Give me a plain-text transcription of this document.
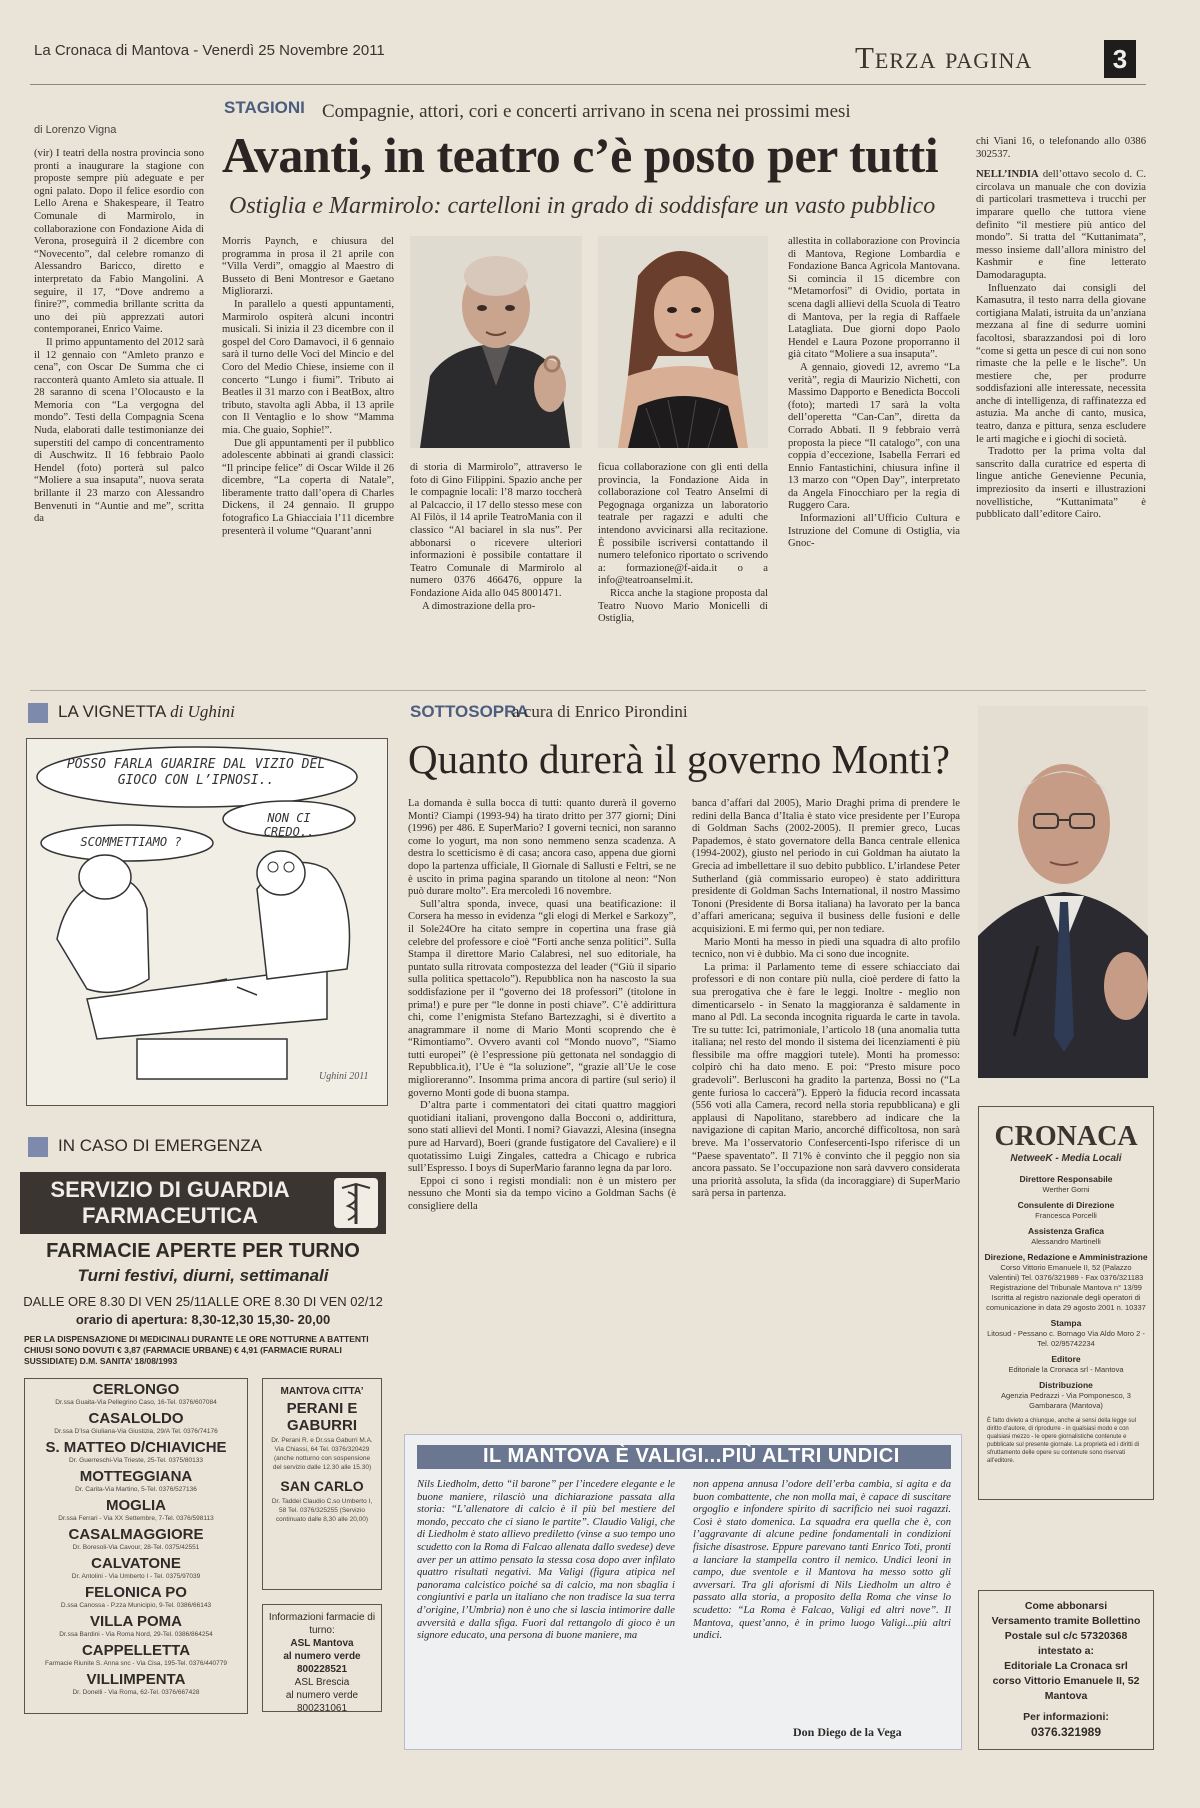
La Cronaca di Mantova - Venerdì 25 Novembre 2011	Terza pagina	3
di Lorenzo Vigna
STAGIONI Compagnie, attori, cori e concerti arrivano in scena nei prossimi mesi
Avanti, in teatro c’è posto per tutti
Ostiglia e Marmirolo: cartelloni in grado di soddisfare un vasto pubblico

(vir) I teatri della nostra provincia sono pronti a inaugurare la stagione con proposte sempre più adeguate e per ogni palato. Dopo il felice esordio con Lello Arena e Shakespeare, il Teatro Comunale di Marmirolo, in collaborazione con Fondazione Aida di Verona, proseguirà il 2 dicembre con “Novecento”, dal celebre romanzo di Alessandro Baricco, diretto e interpretato da Fabio Mangolini. A seguire, il 17, “Dove andremo a finire?”, commedia brillante scritta da uno dei più apprezzati autori contemporanei, Enrico Vaime.

Il primo appuntamento del 2012 sarà il 12 gennaio con “Amleto pranzo e cena”, con Oscar De Summa che ci racconterà quanto Amleto sia attuale. Il 28 saranno di scena l’Olocausto e la Memoria con “La vergogna del mondo”. Testi della Compagnia Scena Nuda, elaborati dalle testimonianze dei superstiti del campo di concentramento di Auschwitz. Il 16 febbraio Paolo Hendel (foto) porterà sul palco “Moliere a sua insaputa”, nuova serata brillante il 23 marzo con Alessandro Benvenuti in “Auntie and me”, scritta da

Morris Paynch, e chiusura del programma in prosa il 21 aprile con “Villa Verdi”, omaggio al Maestro di Busseto di Beni Montresor e Gaetano Migliorarzi.

In parallelo a questi appuntamenti, Marmirolo ospiterà alcuni incontri musicali. Si inizia il 23 dicembre con il gospel del Coro Damavoci, il 6 gennaio sarà il turno delle Voci del Mincio e del Coro del Medio Chiese, insieme con il concerto “Lungo i fiumi”. Tributo ai Beatles il 31 marzo con i BeatBox, altro tributo, stavolta agli Abba, il 13 aprile con Il Ventaglio e lo show “Mamma mia. Che guaio, Sophie!”.

Due gli appuntamenti per il pubblico adolescente abbinati ai grandi classici: “Il principe felice” di Oscar Wilde il 26 dicembre, “La coperta di Natale”, liberamente tratto dall’opera di Charles Dickens, il 24 gennaio. Il gruppo fotografico La Ghiacciaia l’11 dicembre presenterà il volume “Quarant’anni

di storia di Marmirolo”, attraverso le foto di Gino Filippini. Spazio anche per le compagnie locali: l’8 marzo toccherà al Palcaccio, il 17 dello stesso mese con Al Filòs, il 14 aprile TeatroMania con il classico “Al baciarel in sla nus”. Per abbonarsi o ricevere ulteriori informazioni è possibile contattare il Teatro Comunale di Marmirolo al numero 0376 466476, oppure la Fondazione Aida allo 045 8001471.

A dimostrazione della pro-

ficua collaborazione con gli enti della provincia, la Fondazione Aida in collaborazione col Teatro Anselmi di Pegognaga organizza un laboratorio teatrale per ragazzi e adulti che intendono avvicinarsi alla recitazione. È possibile iscriversi contattando il numero telefonico riportato o scrivendo a: formazione@f-aida.it o a info@teatroanselmi.it.

Ricca anche la stagione proposta dal Teatro Nuovo Mario Monicelli di Ostiglia,

allestita in collaborazione con Provincia di Mantova, Regione Lombardia e Fondazione Banca Agricola Mantovana. Si comincia il 15 dicembre con “Metamorfosi” di Ovidio, portata in scena dagli allievi della Scuola di Teatro di Mantova, per la regia di Raffaele Latagliata. Due giorni dopo Paolo Hendel e Laura Pozone proporranno il già citato “Moliere a sua insaputa”.

A gennaio, giovedì 12, avremo “La verità”, regia di Maurizio Nichetti, con Massimo Dapporto e Benedicta Boccoli (foto); martedì 17 sarà la volta dell’operetta “Can-Can”, diretta da Corrado Abbati. Il 9 febbraio verrà proposta la piece “Il catalogo”, con una coppia d’eccezione, Isabella Ferrari ed Ennio Fantastichini, chiusura infine il 13 marzo con “Open Day”, interpretato da Angela Finocchiaro per la regia di Ruggero Cara.

Informazioni all’Ufficio Cultura e Istruzione del Comune di Ostiglia, via Gnoc-

chi Viani 16, o telefonando allo 0386 302537.

NELL’INDIA dell’ottavo secolo d. C. circolava un manuale che con dovizia di particolari trasmetteva i trucchi per imparare quello che tuttora viene definito “il mestiere più antico del mondo”. Si tratta del “Kuttanimata”, messo insieme dall’allora ministro del Kashmir e fine letterato Damodaragupta.

Influenzato dai consigli del Kamasutra, il testo narra della giovane cortigiana Malati, istruita da un’anziana mezzana al fine di sedurre uomini facoltosi, sbarazzandosi poi di loro “come si getta un pesce di cui non sono rimaste che la pelle e le lische”. Un mestiere che, per produrre soddisfazioni alle interessate, necessita anche di intelligenza, di raffinatezza ed astuzia. Ma anche di canto, musica, teatro, danza e pittura, senza escludere le arti magiche e i giochi di società.

Tradotto per la prima volta dal sanscrito dalla curatrice ed esperta di lingue antiche Genevienne Pecunia, impreziosito da inserti e illustrazioni novellistiche, “Kuttanimata” è pubblicato dall’editore Cairo.

LA VIGNETTA di Ughini
POSSO FARLA GUARIRE DAL VIZIO DEL GIOCO CON L’IPNOSI..
NON CI CREDO..
SCOMMETTIAMO ?
Ughini 2011
IN CASO DI EMERGENZA
SERVIZIO DI GUARDIA FARMACEUTICA
FARMACIE APERTE PER TURNO
Turni festivi, diurni, settimanali
DALLE ORE 8.30 DI VEN 25/11ALLE ORE 8.30 DI VEN 02/12
orario di apertura: 8,30-12,30 15,30- 20,00
PER LA DISPENSAZIONE DI MEDICINALI DURANTE LE ORE NOTTURNE A BATTENTI CHIUSI SONO DOVUTI € 3,87 (FARMACIE URBANE) € 4,91 (FARMACIE RURALI SUSSIDIATE) D.M. SANITA’ 18/08/1993
CERLONGO
Dr.ssa Guaita-Via Pellegrino Caso, 16-Tel. 0376/607084
CASALOLDO
Dr.ssa D’Isa Giuliana-Via Giustizia, 29/A Tel. 0376/74176
S. MATTEO D/CHIAVICHE
Dr. Guerreschi-Via Trieste, 25-Tel. 0375/80133
MOTTEGGIANA
Dr. Carita-Via Martino, 5-Tel. 0376/527136
MOGLIA
Dr.ssa Ferrari - Via XX Settembre, 7-Tel. 0376/598113
CASALMAGGIORE
Dr. Boresoli-Via Cavour, 28-Tel. 0375/42551
CALVATONE
Dr. Antolini - Via Umberto I - Tel. 0375/97039
FELONICA PO
D.ssa Canossa - P.zza Municipio, 9-Tel. 0386/66143
VILLA POMA
Dr.ssa Bardini - Via Roma Nord, 29-Tel. 0386/864254
CAPPELLETTA
Farmacie Riunite S. Anna snc - Via Cisa, 195-Tel. 0376/440779
VILLIMPENTA
Dr. Donelli - Via Roma, 62-Tel. 0376/667428
MANTOVA CITTA’
PERANI E GABURRI
Dr. Perani R. e Dr.ssa Gaburri M.A. Via Chiassi, 64 Tel. 0376/320429 (anche notturno con sospensione del servizio dalle 12.30 alle 15.30)
SAN CARLO
Dr. Taddei Claudio C.so Umberto I, 58 Tel. 0376/325255 (Servizio continuato dalle 8,30 alle 20,00)
Informazioni farmacie di turno:
ASL Mantova
al numero verde
800228521
ASL Brescia
al numero verde
800231061
SOTTOSOPRA
a cura di Enrico Pirondini
Quanto durerà il governo Monti?

La domanda è sulla bocca di tutti: quanto durerà il governo Monti? Ciampi (1993-94) ha tirato dritto per 377 giorni; Dini (1996) per 486. E SuperMario? I governi tecnici, non saranno come lo yogurt, ma non sono nemmeno senza scadenza. A destra lo scetticismo è di casa; ancora caso, appena due giorni dopo la partenza ufficiale, Il Giornale di Sallusti e Feltri, se ne è uscito in prima pagina sparando un titolone al neon: “Non può durare molto”. Era mercoledì 16 novembre.

Sull’altra sponda, invece, quasi una beatificazione: il Corsera ha messo in evidenza “gli elogi di Merkel e Sarkozy”, il Sole24Ore ha citato sempre in copertina una frase già celebre del professore e cioè “Forti anche senza politici”. Sulla Stampa il direttore Mario Calabresi, nel suo editoriale, ha puntato sulla ritrovata compostezza del leader (“Giù il sipario sulla politica spettacolo”). Repubblica non ha nascosto la sua soddisfazione per il “governo dei 18 professori” (titolone in prima!) e pure per “le donne in posti chiave”. C’è addirittura chi, come l’enigmista Stefano Bartezzaghi, si è divertito a anagrammare il nome di Mario Monti scoprendo che è “Rimontiamo”. Ovvero avanti col “Mondo nuovo”, “Siamo tutti europei” (è l’espressione più gettonata nel sondaggio di Repubblica.it), l’Ue è “la soluzione”, “grazie all’Ue le cose miglioreranno”. Insomma prima ancora di partire (sul serio) il governo Monti gode di buona stampa.

D’altra parte i commentatori dei citati quattro maggiori quotidiani italiani, provengono dalla Bocconi o, addirittura, sono stati allievi del Monti. I nomi? Giavazzi, Alesina (insegna pure ad Harvard), Boeri (grande fustigatore del Cavaliere) e il quotatissimo Luigi Zingales, cattedra a Chicago e rubrica sull’Espresso. I boys di SuperMario faranno legna da par loro.

Eppoi ci sono i registi mondiali: non è un mistero per nessuno che Monti sia da tempo vicino a Goldman Sachs (è consigliere della

banca d’affari dal 2005), Mario Draghi prima di prendere le redini della Banca d’Italia è stato vice presidente per l’Europa di Goldman Sachs (2002-2005). Il premier greco, Lucas Papademos, è stato governatore della Banca centrale ellenica (1994-2002), giusto nel periodo in cui Goldman ha aiutato la Grecia ad imbellettare il suo debito pubblico. L’irlandese Peter Sutherland (già commissario europeo) è stato addirittura presidente di Goldman Sachs International, il nostro Massimo Tononi (Presidente di Borsa italiana) ha lavorato per la banca d’affari americana; seguiva il business delle fusioni e delle acquisizioni. E mi fermo qui, per non tediare.

Mario Monti ha messo in piedi una squadra di alto profilo tecnico, non vi è dubbio. Ma ci sono due incognite.

La prima: il Parlamento teme di essere schiacciato dai professori e di non contare più nulla, cioè perdere di fatto la sua prerogativa che è fare le leggi. Inoltre - meglio non dimenticarselo - in Senato la maggioranza è saldamente in mano al Pdl. La seconda incognita riguarda le carte in tavola. Tre su tutte: Ici, patrimoniale, l’articolo 18 (una anomalia tutta italiana; nel resto del mondo il sistema dei licenziamenti è più flessibile ma offre maggiori tutele). Monti ha promesso: colpirò chi ha dato meno. E poi: “Presto misure poco gradevoli”. Berlusconi ha gradito la partenza, Bossi no (“La gente furiosa lo caccerà”). Epperò la fiducia record incassata (556 voti alla Camera, record nella storia repubblicana) e gli applausi di Napolitano, starebbero ad indicare che la navigazione di capitan Mario, ancorché difficoltosa, non sarà breve. Ma l’osservatorio Confesercenti-Ispo riferisce di un “Paese spaventato”. Il 71% è convinto che il peggio non sia ancora passato. Se l’occupazione non sarà davvero considerata una priorità assoluta, la sfida (da incoraggiare) di SuperMario sarà persa in partenza.

IL MANTOVA È VALIGI...PIÙ ALTRI UNDICI

Nils Liedholm, detto “il barone” per l’incedere elegante e le buone maniere, rilasciò una dichiarazione passata alla storia: “L’allenatore di calcio è il più bel mestiere del mondo, peccato che ci siano le partite”. Claudio Valigi, che di Liedholm è stato allievo prediletto (vinse a suo tempo uno scudetto con la Roma di Falcao allenata dallo svedese) deve aver per un attimo pensato la stessa cosa dopo aver infilato quattro risultati negativi. Ma Valigi (figura atipica nel panorama calcistico poiché sa di calcio, ma non sbaglia i congiuntivi e parla un italiano che non tradisce la sua terra d’origine, l’Umbria) non è uno che si lascia intimorire dalle avversità e dalla sfiga. Fuori dal rettangolo di gioco è un signore educato, una persona di buone maniere, ma

non appena annusa l’odore dell’erba cambia, si agita e da buon combattente, che non molla mai, è capace di suscitare orgoglio e infondere spirito di sacrificio nei suoi ragazzi. Così è stato domenica. La squadra era quella che è, con l’aggravante di alcune pedine fondamentali in condizioni fisiche disastrose. Eppure parevano tanti Enrico Toti, pronti a lanciare la stampella contro il nemico. Undici leoni in campo, due sventole e il Mantova ha messo sotto gli avversari. Tra gli aforismi di Nils Liedholm un altro è passato alla storia, a proposito della Roma che vinse lo scudetto: “La Roma è Falcao, Valigi ed altri nove”. Il Mantova, quest’anno, è in primo luogo Valigi...più altri undici.

Don Diego de la Vega
CRONACA
NetweeK - Media Locali
Direttore Responsabile
Werther Gorni
Consulente di Direzione
Francesca Porcelli
Assistenza Grafica
Alessandro Martinelli
Direzione, Redazione e Amministrazione
Corso Vittorio Emanuele II, 52 (Palazzo Valentini) Tel. 0376/321989 - Fax 0376/321183 Registrazione del Tribunale Mantova n° 13/99 Iscritta al registro nazionale degli operatori di comunicazione in data 29 agosto 2001 n. 10337
Stampa
Litosud - Pessano c. Bornago Via Aldo Moro 2 - Tel. 02/95742234
Editore
Editoriale la Cronaca srl - Mantova
Distribuzione
Agenzia Pedrazzi - Via Pomponesco, 3 Gambarara (Mantova)
È fatto divieto a chiunque, anche ai sensi della legge sul diritto d’autore, di riprodurre - in qualsiasi modo e con qualsiasi mezzo - le opere giornalistiche contenute e pubblicate sul presente giornale. La proprietà ed i diritti di sfruttamento delle opere su contenute sono riservati all’editore.
Come abbonarsi
Versamento tramite Bollettino
Postale sul c/c 57320368
intestato a:
Editoriale La Cronaca srl
corso Vittorio Emanuele II, 52
Mantova
Per informazioni:
0376.321989
